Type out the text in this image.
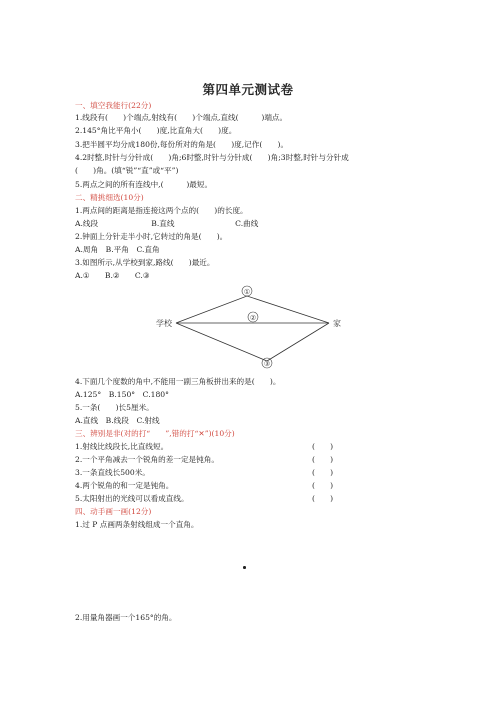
第四单元测试卷
一、填空我能行(22分)
1.线段有(　　)个端点,射线有(　　)个端点,直线(　　　)端点。
2.145°角比平角小(　　)度,比直角大(　　)度。
3.把半圆平均分成180份,每份所对的角是(　　)度,记作(　　)。
4.2时整,时针与分针成(　　)角;6时整,时针与分针成(　　)角;3时整,时针与分针成
(　　)角。(填“锐”“直”或“平”)
5.两点之间的所有连线中,(　　　)最短。
二、精挑细选(10分)
1.两点间的距离是指连接这两个点的(　　)的长度。
A.线段　　　　　　　B.直线　　　　　　　　C.曲线
2.钟面上分针走半小时,它转过的角是(　　)。
A.周角　B.平角　C.直角
3.如图所示,从学校到家,路线(　　)最近。
A.①　　B.②　　C.③
①
②
③
学校	家
4.下面几个度数的角中,不能用一副三角板拼出来的是(　　)。
A.125°　B.150°　C.180°
5.一条(　　)长5厘米。
A.直线　B.线段　C.射线
三、辨别是非(对的打“　　”,错的打“✕”)(10分)
1.射线比线段长,比直线短。	(　　)
2.一个平角减去一个锐角的差一定是钝角。	(　　)
3.一条直线长500米。	(　　)
4.两个锐角的和一定是钝角。	(　　)
5.太阳射出的光线可以看成直线。	(　　)
四、动手画一画(12分)
1.过 P 点画两条射线组成一个直角。
2.用量角器画一个165°的角。
